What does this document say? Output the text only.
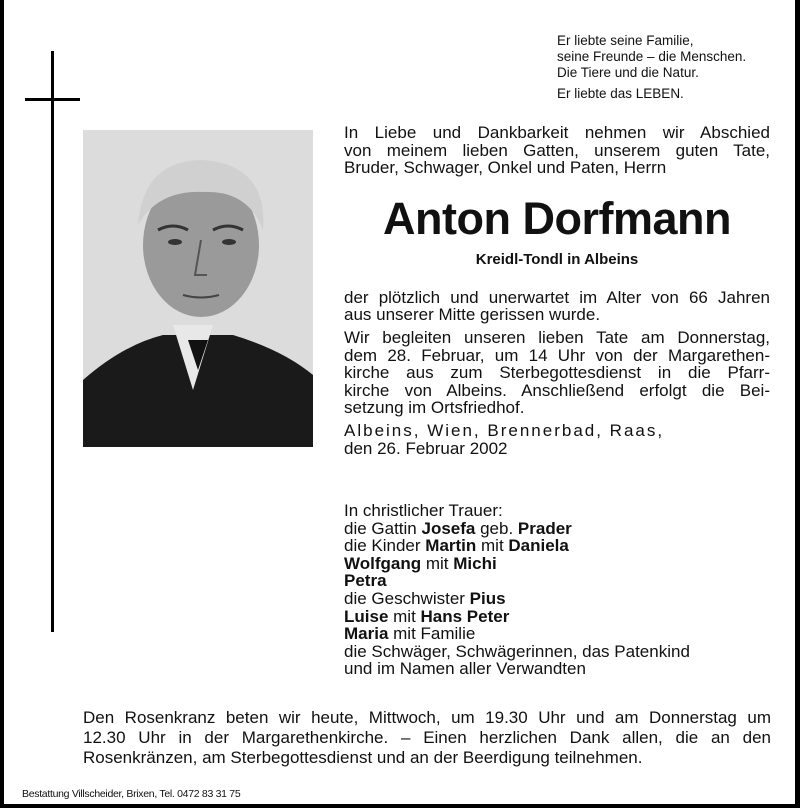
Er liebte seine Familie,
seine Freunde – die Menschen.
Die Tiere und die Natur.
Er liebte das LEBEN.
In Liebe und Dankbarkeit nehmen wir Abschied
von meinem lieben Gatten, unserem guten Tate,
Bruder, Schwager, Onkel und Paten, Herrn
Anton Dorfmann
Kreidl-Tondl in Albeins
der plötzlich und unerwartet im Alter von 66 Jahren
aus unserer Mitte gerissen wurde.
Wir begleiten unseren lieben Tate am Donnerstag,
dem 28. Februar, um 14 Uhr von der Margarethen-
kirche aus zum Sterbegottesdienst in die Pfarr-
kirche von Albeins. Anschließend erfolgt die Bei-
setzung im Ortsfriedhof.
Albeins, Wien, Brennerbad, Raas,
den 26. Februar 2002
In christlicher Trauer:
die Gattin Josefa geb. Prader
die Kinder Martin mit Daniela
Wolfgang mit Michi
Petra
die Geschwister Pius
Luise mit Hans Peter
Maria mit Familie
die Schwäger, Schwägerinnen, das Patenkind
und im Namen aller Verwandten
Den Rosenkranz beten wir heute, Mittwoch, um 19.30 Uhr und am Donnerstag um
12.30 Uhr in der Margarethenkirche. – Einen herzlichen Dank allen, die an den
Rosenkränzen, am Sterbegottesdienst und an der Beerdigung teilnehmen.
Bestattung Villscheider, Brixen, Tel. 0472 83 31 75
